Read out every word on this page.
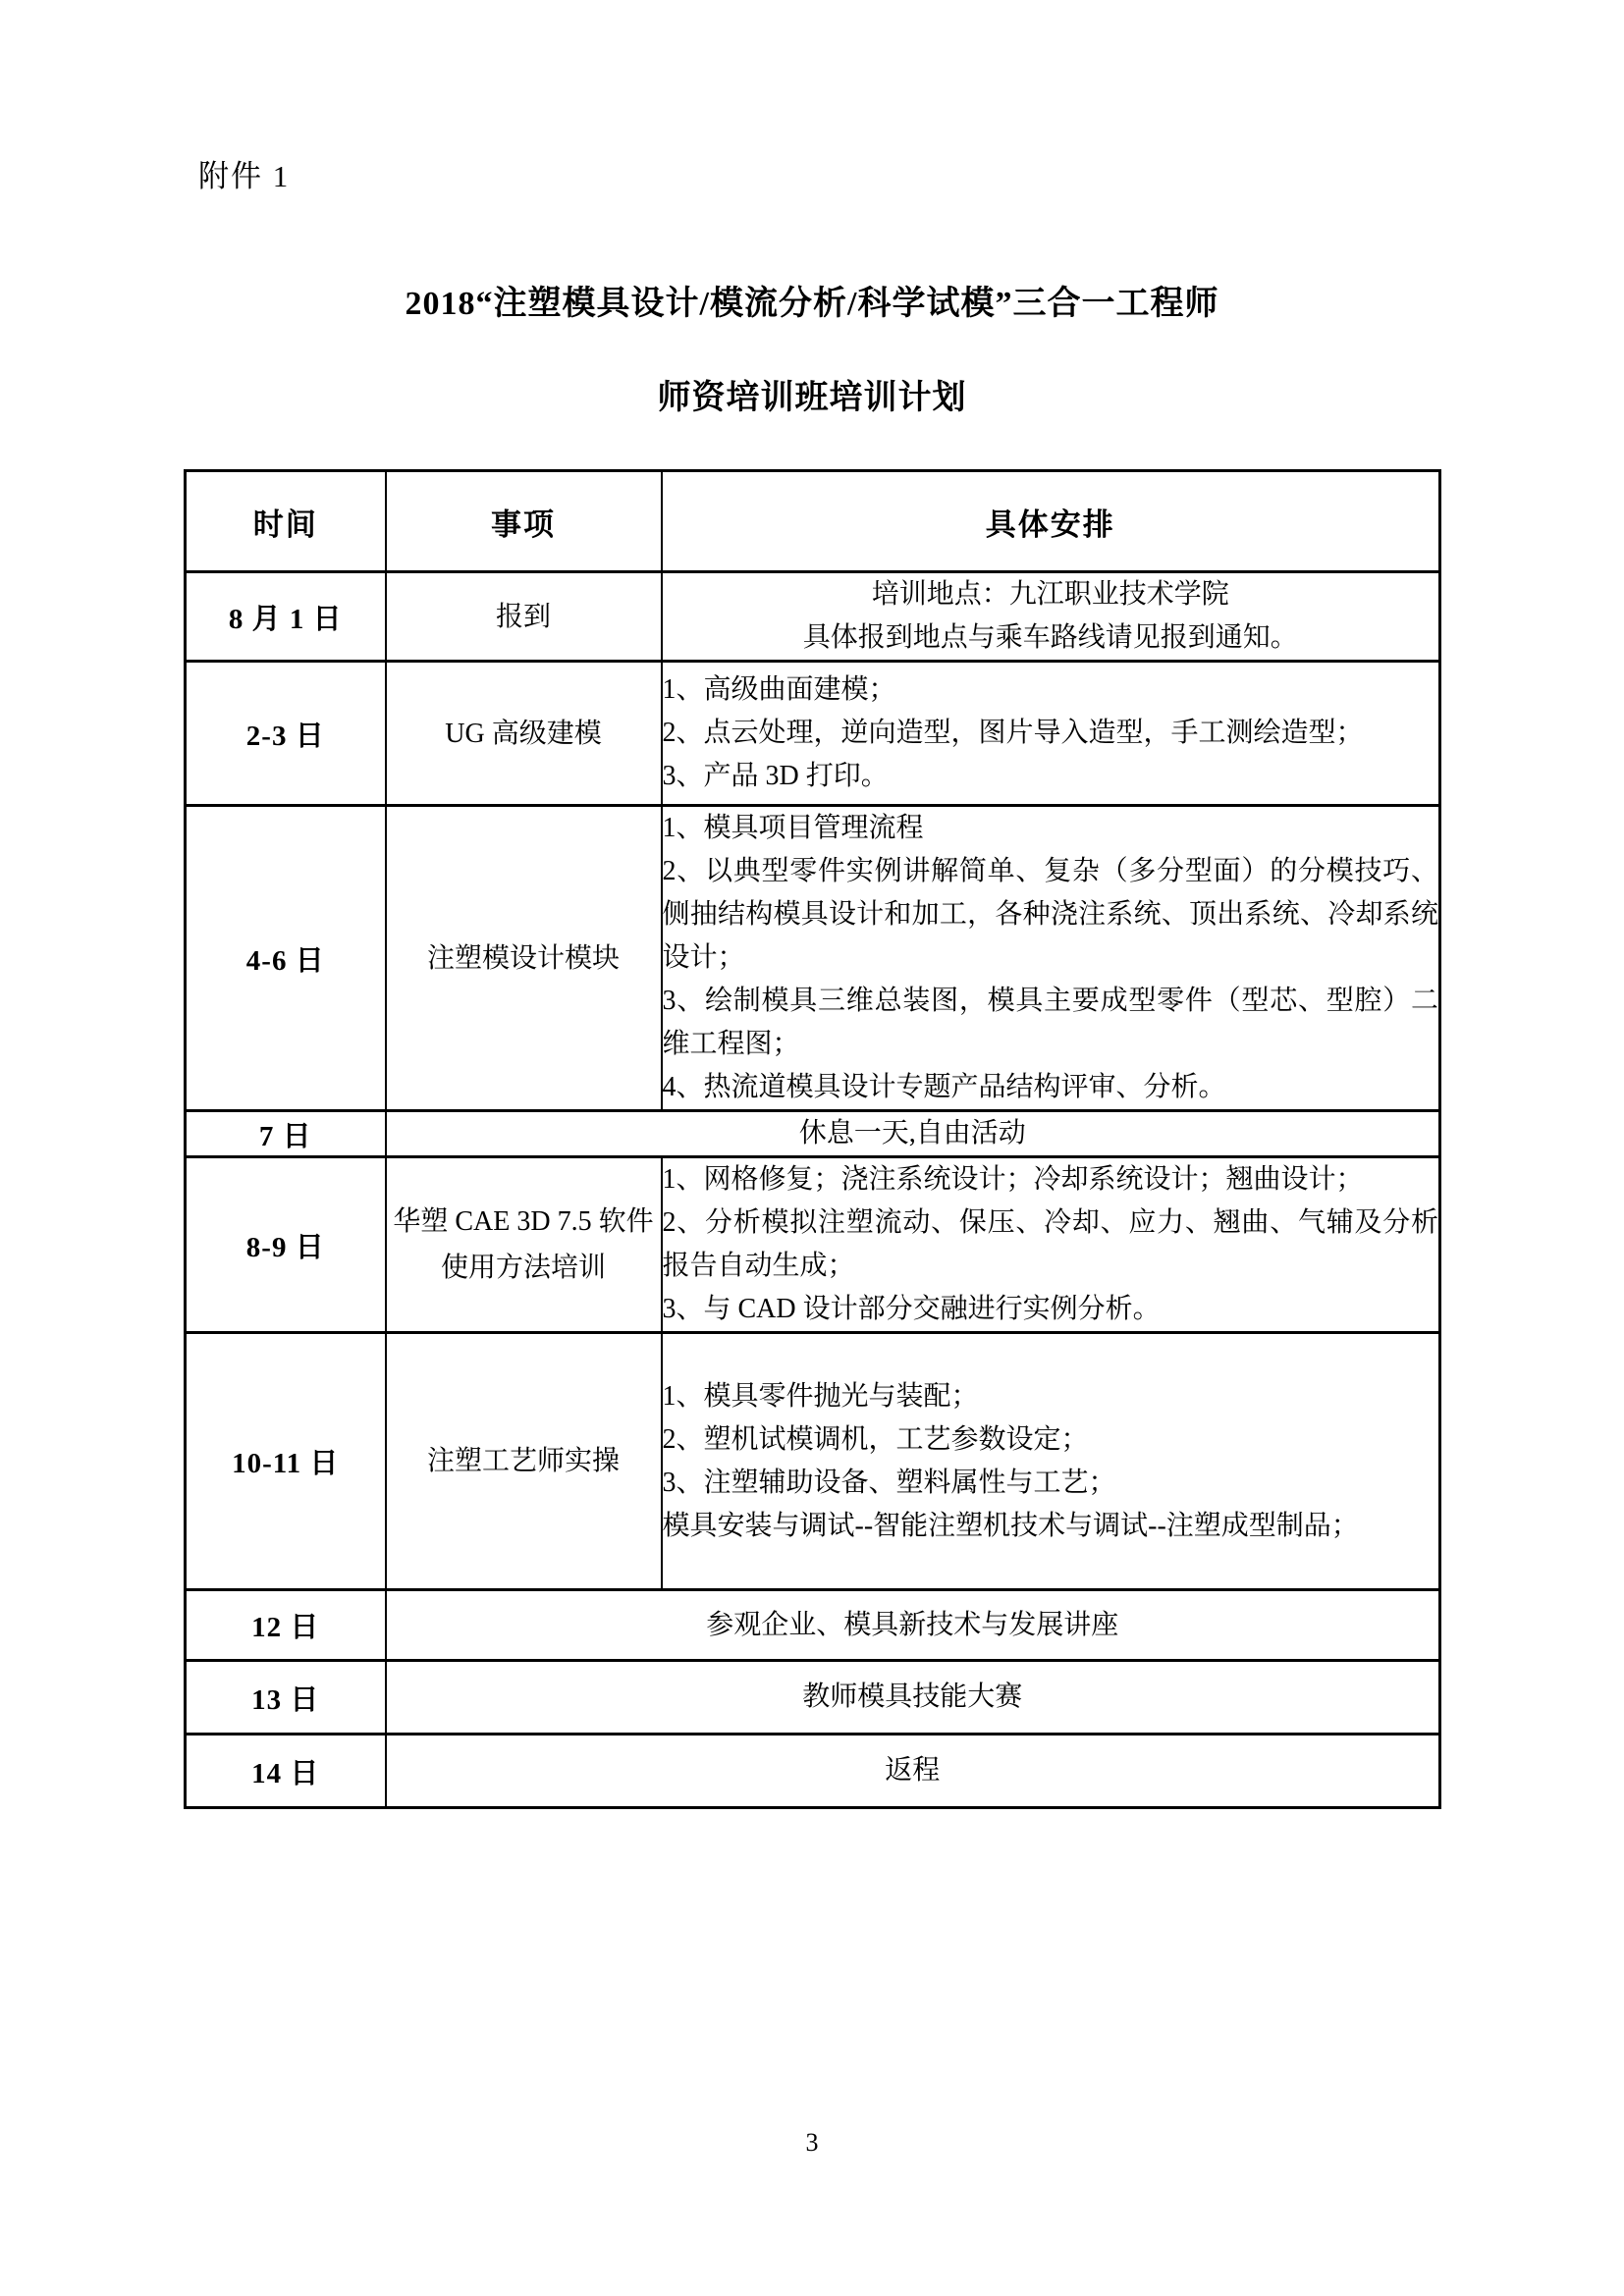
附件 1
2018“注塑模具设计/模流分析/科学试模”三合一工程师
师资培训班培训计划
时间	事项	具体安排
8 月 1 日	报到	培训地点：九江职业技术学院
具体报到地点与乘车路线请见报到通知。

2-3 日	UG 高级建模	1、高级曲面建模；
2、点云处理，逆向造型，图片导入造型，手工测绘造型；
3、产品 3D 打印。

4-6 日	注塑模设计模块	1、模具项目管理流程
2、以典型零件实例讲解简单、复杂（多分型面）的分模技巧、侧抽结构模具设计和加工，各种浇注系统、顶出系统、冷却系统设计；
3、绘制模具三维总装图，模具主要成型零件（型芯、型腔）二维工程图；
4、热流道模具设计专题产品结构评审、分析。

7 日	休息一天,自由活动	

8-9 日	华塑 CAE 3D 7.5 软件使用方法培训	1、网格修复；浇注系统设计；冷却系统设计；翘曲设计；
2、分析模拟注塑流动、保压、冷却、应力、翘曲、气辅及分析报告自动生成；
3、与 CAD 设计部分交融进行实例分析。

10-11 日	注塑工艺师实操	1、模具零件抛光与装配；
2、塑机试模调机，工艺参数设定；
3、注塑辅助设备、塑料属性与工艺；
模具安装与调试--智能注塑机技术与调试--注塑成型制品；

12 日	参观企业、模具新技术与发展讲座	

13 日	教师模具技能大赛	

14 日	返程	
3
